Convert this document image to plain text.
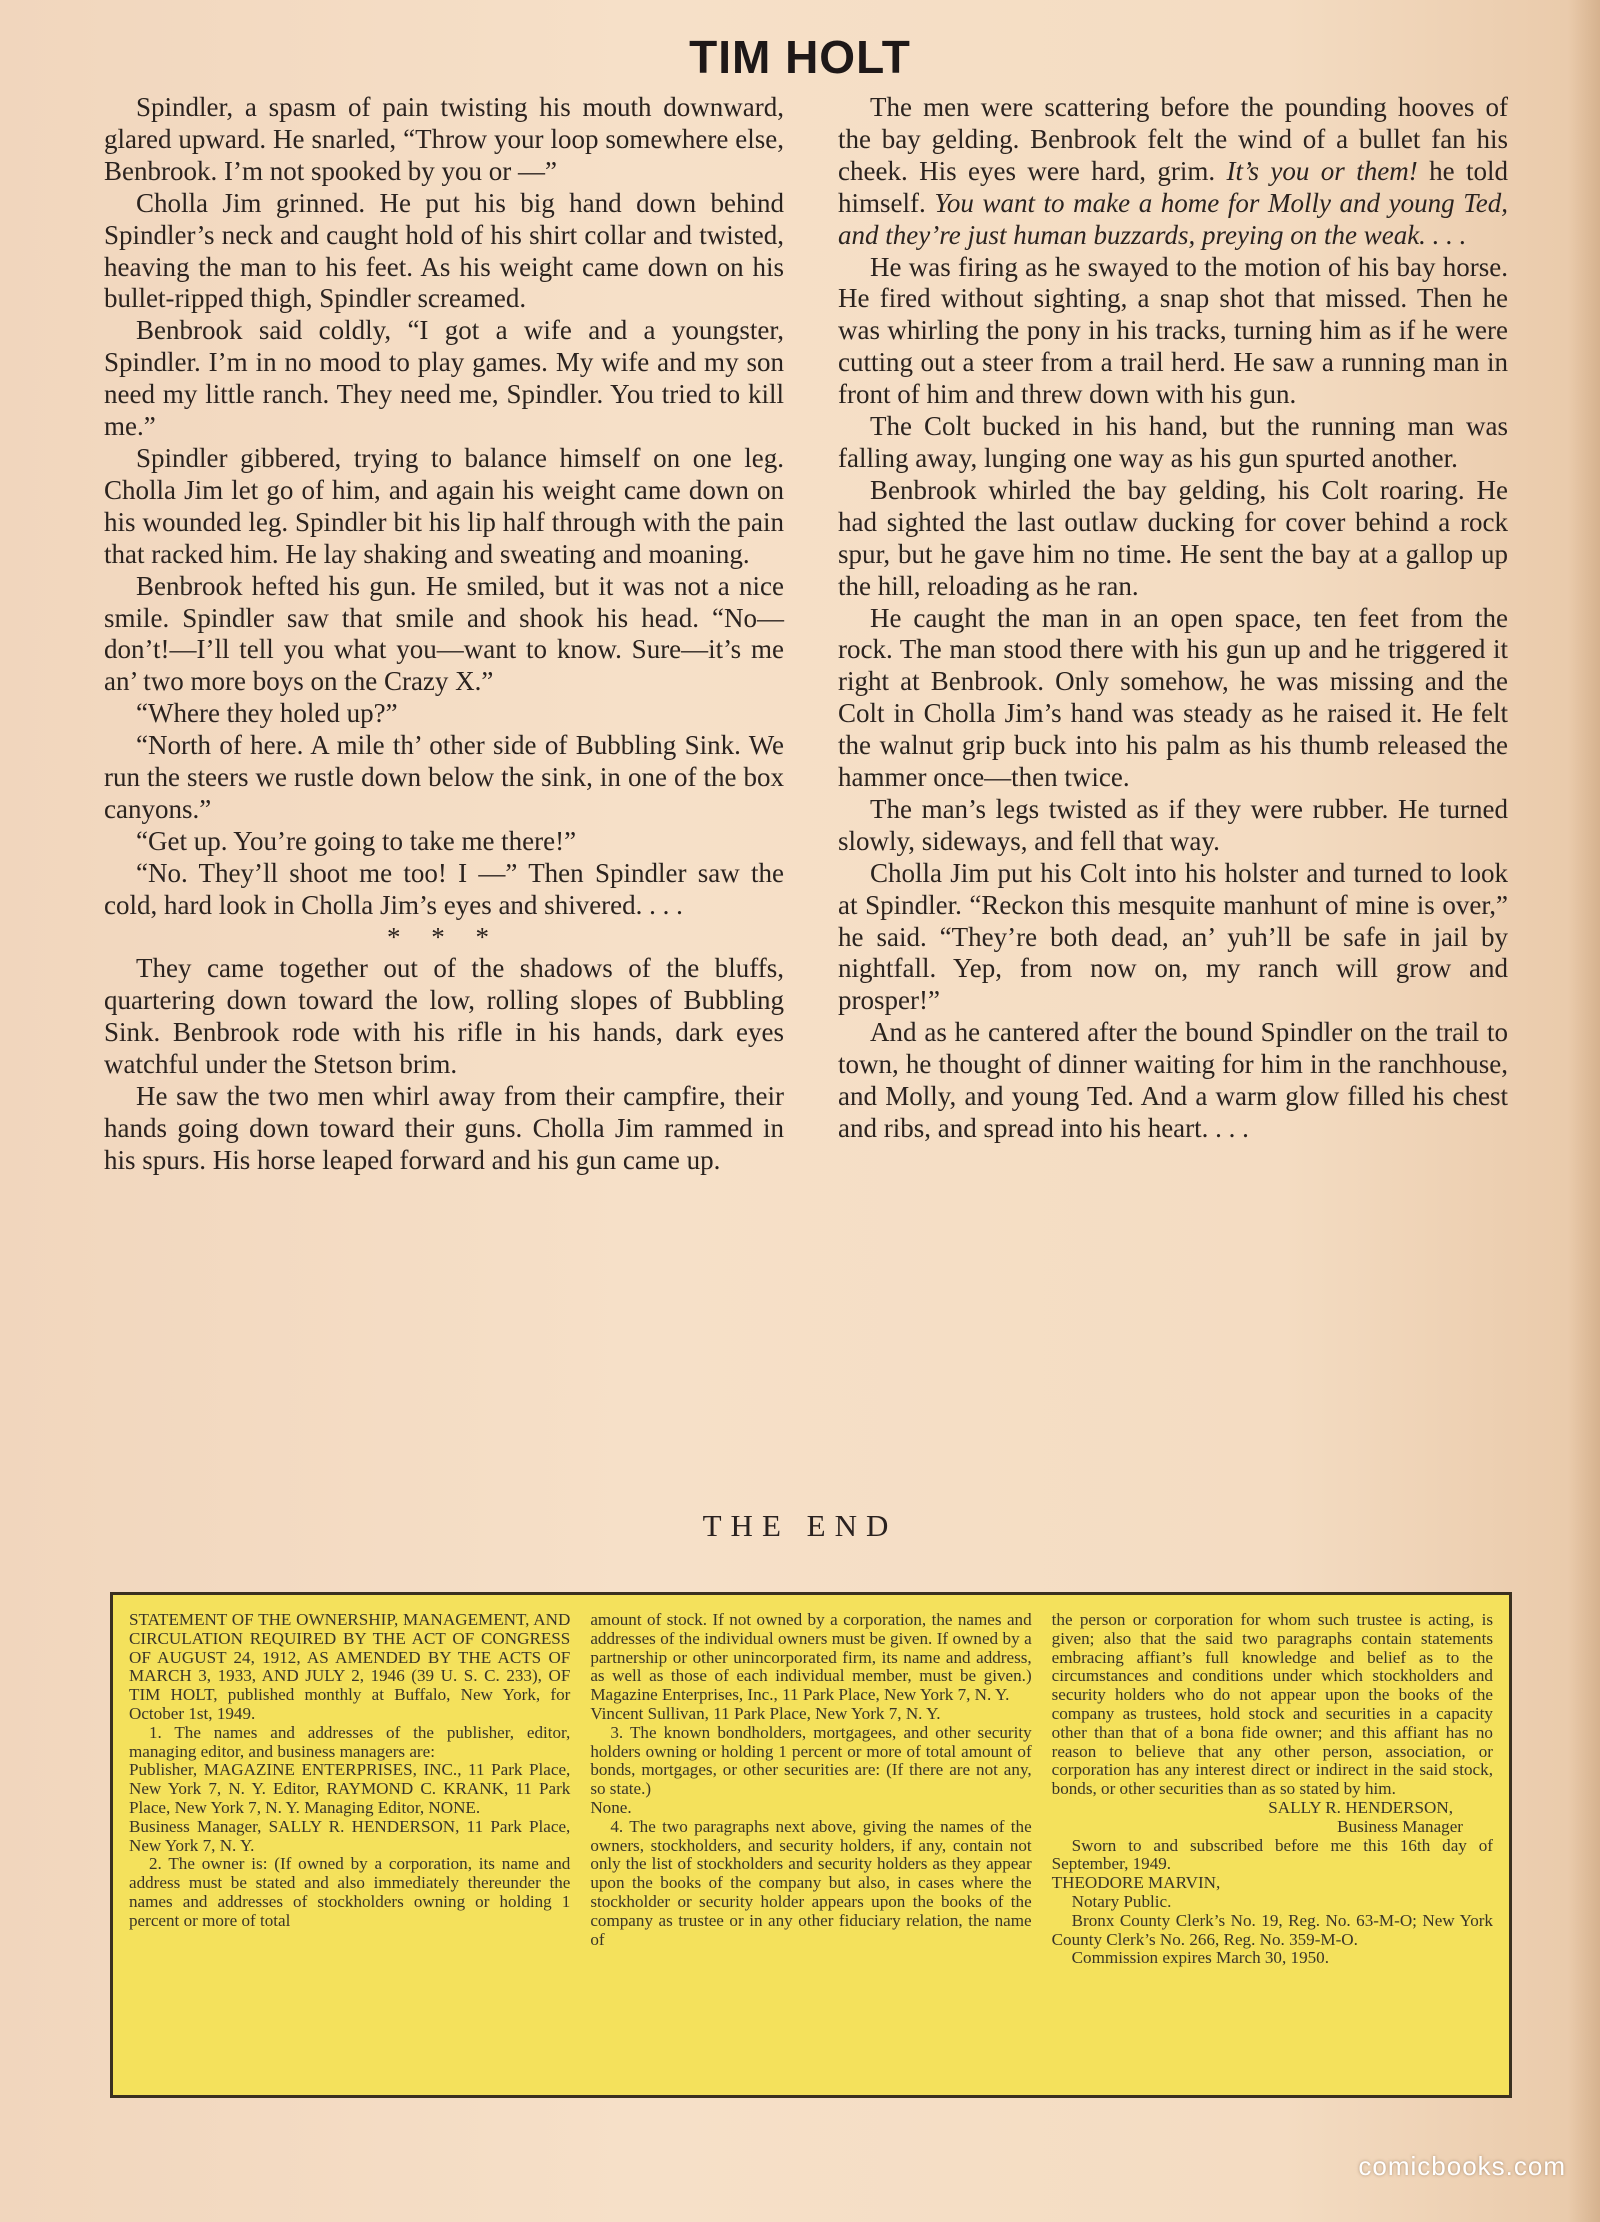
TIM HOLT

Spindler, a spasm of pain twisting his mouth downward, glared upward. He snarled, “Throw your loop somewhere else, Benbrook. I’m not spooked by you or —”

Cholla Jim grinned. He put his big hand down behind Spindler’s neck and caught hold of his shirt collar and twisted, heaving the man to his feet. As his weight came down on his bullet-ripped thigh, Spindler screamed.

Benbrook said coldly, “I got a wife and a youngster, Spindler. I’m in no mood to play games. My wife and my son need my little ranch. They need me, Spindler. You tried to kill me.”

Spindler gibbered, trying to balance himself on one leg. Cholla Jim let go of him, and again his weight came down on his wounded leg. Spindler bit his lip half through with the pain that racked him. He lay shaking and sweating and moaning.

Benbrook hefted his gun. He smiled, but it was not a nice smile. Spindler saw that smile and shook his head. “No—don’t!—I’ll tell you what you—want to know. Sure—it’s me an’ two more boys on the Crazy X.”

“Where they holed up?”

“North of here. A mile th’ other side of Bubbling Sink. We run the steers we rustle down below the sink, in one of the box canyons.”

“Get up. You’re going to take me there!”

“No. They’ll shoot me too! I —” Then Spindler saw the cold, hard look in Cholla Jim’s eyes and shivered. . . .

* * *

They came together out of the shadows of the bluffs, quartering down toward the low, rolling slopes of Bubbling Sink. Benbrook rode with his rifle in his hands, dark eyes watchful under the Stetson brim.

He saw the two men whirl away from their campfire, their hands going down toward their guns. Cholla Jim rammed in his spurs. His horse leaped forward and his gun came up.

The men were scattering before the pounding hooves of the bay gelding. Benbrook felt the wind of a bullet fan his cheek. His eyes were hard, grim. It’s you or them! he told himself. You want to make a home for Molly and young Ted, and they’re just human buzzards, preying on the weak. . . .

He was firing as he swayed to the motion of his bay horse. He fired without sighting, a snap shot that missed. Then he was whirling the pony in his tracks, turning him as if he were cutting out a steer from a trail herd. He saw a running man in front of him and threw down with his gun.

The Colt bucked in his hand, but the running man was falling away, lunging one way as his gun spurted another.

Benbrook whirled the bay gelding, his Colt roaring. He had sighted the last outlaw ducking for cover behind a rock spur, but he gave him no time. He sent the bay at a gallop up the hill, reloading as he ran.

He caught the man in an open space, ten feet from the rock. The man stood there with his gun up and he triggered it right at Benbrook. Only somehow, he was missing and the Colt in Cholla Jim’s hand was steady as he raised it. He felt the walnut grip buck into his palm as his thumb released the hammer once—then twice.

The man’s legs twisted as if they were rubber. He turned slowly, sideways, and fell that way.

Cholla Jim put his Colt into his holster and turned to look at Spindler. “Reckon this mesquite manhunt of mine is over,” he said. “They’re both dead, an’ yuh’ll be safe in jail by nightfall. Yep, from now on, my ranch will grow and prosper!”

And as he cantered after the bound Spindler on the trail to town, he thought of dinner waiting for him in the ranchhouse, and Molly, and young Ted. And a warm glow filled his chest and ribs, and spread into his heart. . . .

THE END

STATEMENT OF THE OWNERSHIP, MANAGEMENT, AND CIRCULATION REQUIRED BY THE ACT OF CONGRESS OF AUGUST 24, 1912, AS AMENDED BY THE ACTS OF MARCH 3, 1933, AND JULY 2, 1946 (39 U. S. C. 233), OF TIM HOLT, published monthly at Buffalo, New York, for October 1st, 1949.

1. The names and addresses of the publisher, editor, managing editor, and business managers are:

Publisher, MAGAZINE ENTERPRISES, INC., 11 Park Place, New York 7, N. Y. Editor, RAYMOND C. KRANK, 11 Park Place, New York 7, N. Y. Managing Editor, NONE.

Business Manager, SALLY R. HENDERSON, 11 Park Place, New York 7, N. Y.

2. The owner is: (If owned by a corporation, its name and address must be stated and also immediately thereunder the names and addresses of stockholders owning or holding 1 percent or more of total

amount of stock. If not owned by a corporation, the names and addresses of the individual owners must be given. If owned by a partnership or other unincorporated firm, its name and address, as well as those of each individual member, must be given.) Magazine Enterprises, Inc., 11 Park Place, New York 7, N. Y.

Vincent Sullivan, 11 Park Place, New York 7, N. Y.

3. The known bondholders, mortgagees, and other security holders owning or holding 1 percent or more of total amount of bonds, mortgages, or other securities are: (If there are not any, so state.)

None.

4. The two paragraphs next above, giving the names of the owners, stockholders, and security holders, if any, contain not only the list of stockholders and security holders as they appear upon the books of the company but also, in cases where the stockholder or security holder appears upon the books of the company as trustee or in any other fiduciary relation, the name of

the person or corporation for whom such trustee is acting, is given; also that the said two paragraphs contain statements embracing affiant’s full knowledge and belief as to the circumstances and conditions under which stockholders and security holders who do not appear upon the books of the company as trustees, hold stock and securities in a capacity other than that of a bona fide owner; and this affiant has no reason to believe that any other person, association, or corporation has any interest direct or indirect in the said stock, bonds, or other securities than as so stated by him.

SALLY R. HENDERSON,

Business Manager

Sworn to and subscribed before me this 16th day of September, 1949.

THEODORE MARVIN,

Notary Public.

Bronx County Clerk’s No. 19, Reg. No. 63-M-O; New York County Clerk’s No. 266, Reg. No. 359-M-O.

Commission expires March 30, 1950.

comicbooks.com
